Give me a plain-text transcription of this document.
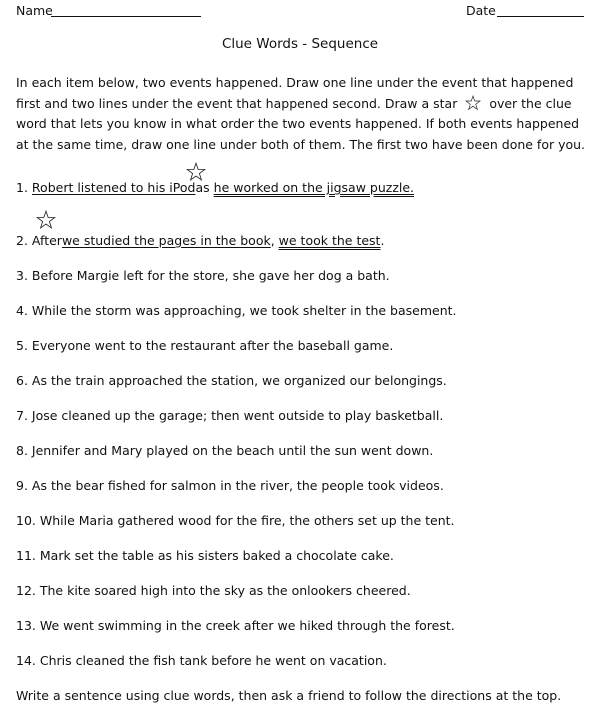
Name	Date
Clue Words - Sequence
In each item below, two events happened. Draw one line under the event that happened first and two lines under the event that happened second. Draw a star	over the clue word that lets you know in what order the two events happened. If both events happened at the same time, draw one line under both of them. The first two have been done for you.
1. Robert listened to his iPodas he worked on the jigsaw puzzle.
2. Afterwe studied the pages in the book, we took the test.
3. Before Margie left for the store, she gave her dog a bath.
4. While the storm was approaching, we took shelter in the basement.
5. Everyone went to the restaurant after the baseball game.
6. As the train approached the station, we organized our belongings.
7. Jose cleaned up the garage; then went outside to play basketball.
8. Jennifer and Mary played on the beach until the sun went down.
9. As the bear fished for salmon in the river, the people took videos.
10. While Maria gathered wood for the fire, the others set up the tent.
11. Mark set the table as his sisters baked a chocolate cake.
12. The kite soared high into the sky as the onlookers cheered.
13. We went swimming in the creek after we hiked through the forest.
14. Chris cleaned the fish tank before he went on vacation.
Write a sentence using clue words, then ask a friend to follow the directions at the top.
